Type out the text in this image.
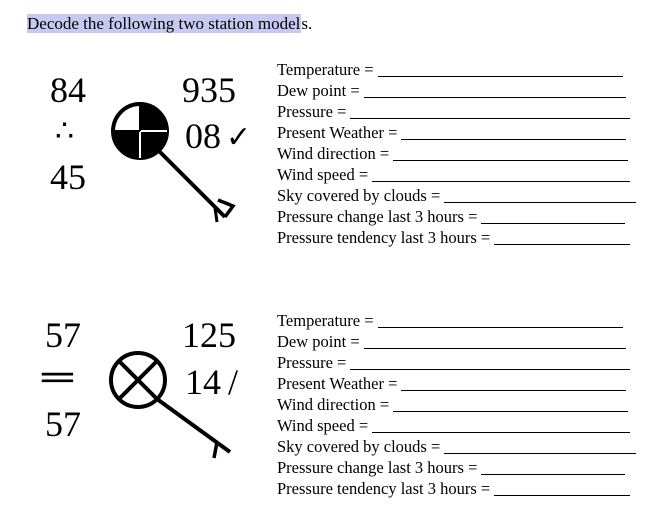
Decode the following two station models.
84
∴
45
935
08 ✓
57
═
57
125
14 /
Temperature =
Dew point =
Pressure =
Present Weather =
Wind direction =
Wind speed =
Sky covered by clouds =
Pressure change last 3 hours =
Pressure tendency last 3 hours =
Temperature =
Dew point =
Pressure =
Present Weather =
Wind direction =
Wind speed =
Sky covered by clouds =
Pressure change last 3 hours =
Pressure tendency last 3 hours =
